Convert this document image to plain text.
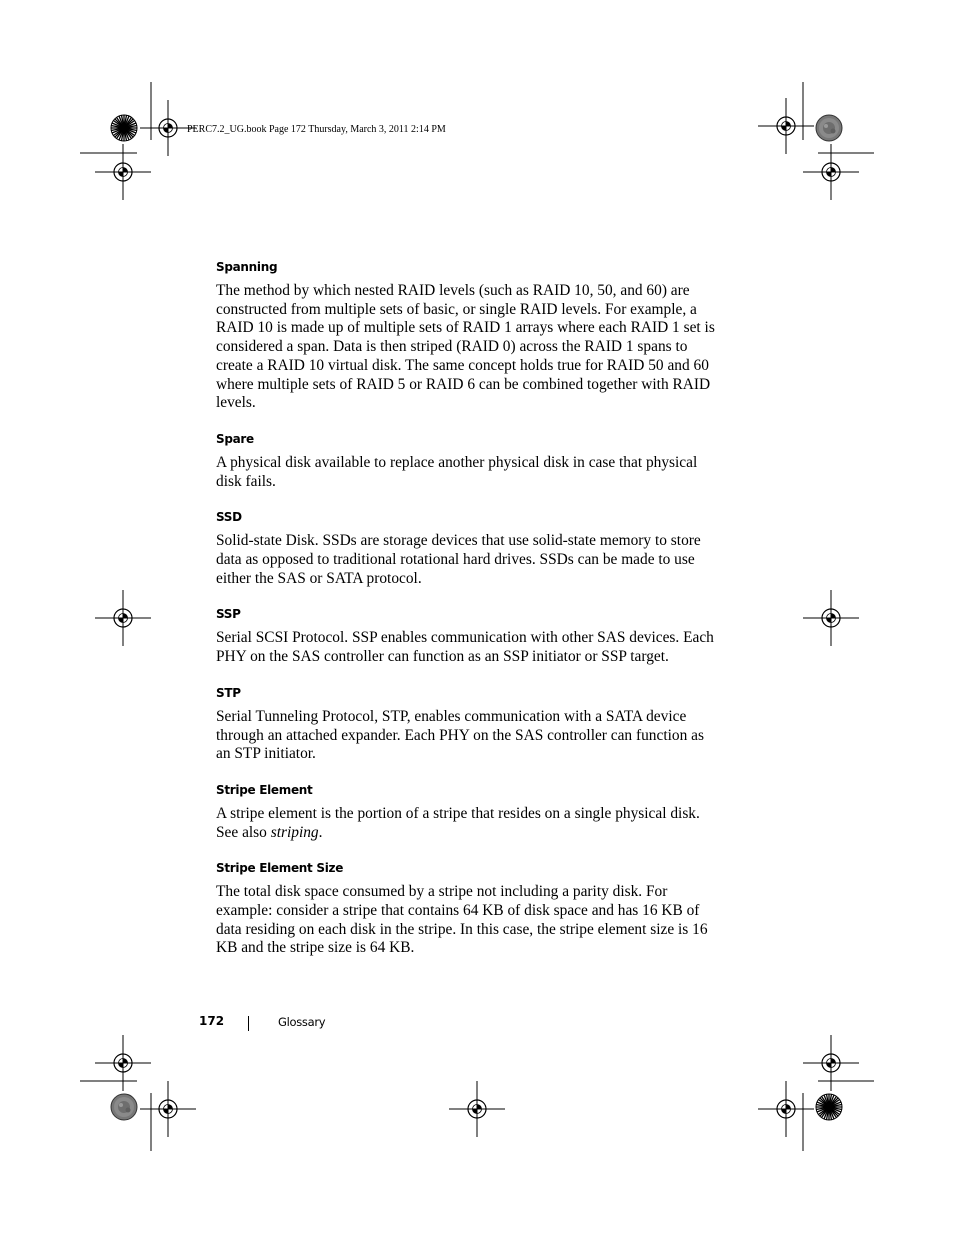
PERC7.2_UG.book Page 172 Thursday, March 3, 2011 2:14 PM
Spanning

The method by which nested RAID levels (such as RAID 10, 50, and 60) are constructed from multiple sets of basic, or single RAID levels. For example, a RAID 10 is made up of multiple sets of RAID 1 arrays where each RAID 1 set is considered a span. Data is then striped (RAID 0) across the RAID 1 spans to create a RAID 10 virtual disk. The same concept holds true for RAID 50 and 60 where multiple sets of RAID 5 or RAID 6 can be combined together with RAID levels.

Spare

A physical disk available to replace another physical disk in case that physical disk fails.

SSD

Solid-state Disk. SSDs are storage devices that use solid-state memory to store data as opposed to traditional rotational hard drives. SSDs can be made to use either the SAS or SATA protocol.

SSP

Serial SCSI Protocol. SSP enables communication with other SAS devices. Each PHY on the SAS controller can function as an SSP initiator or SSP target.

STP

Serial Tunneling Protocol, STP, enables communication with a SATA device through an attached expander. Each PHY on the SAS controller can function as an STP initiator.

Stripe Element

A stripe element is the portion of a stripe that resides on a single physical disk. See also striping.

Stripe Element Size

The total disk space consumed by a stripe not including a parity disk. For example: consider a stripe that contains 64 KB of disk space and has 16 KB of data residing on each disk in the stripe. In this case, the stripe element size is 16 KB and the stripe size is 64 KB.

172	Glossary
